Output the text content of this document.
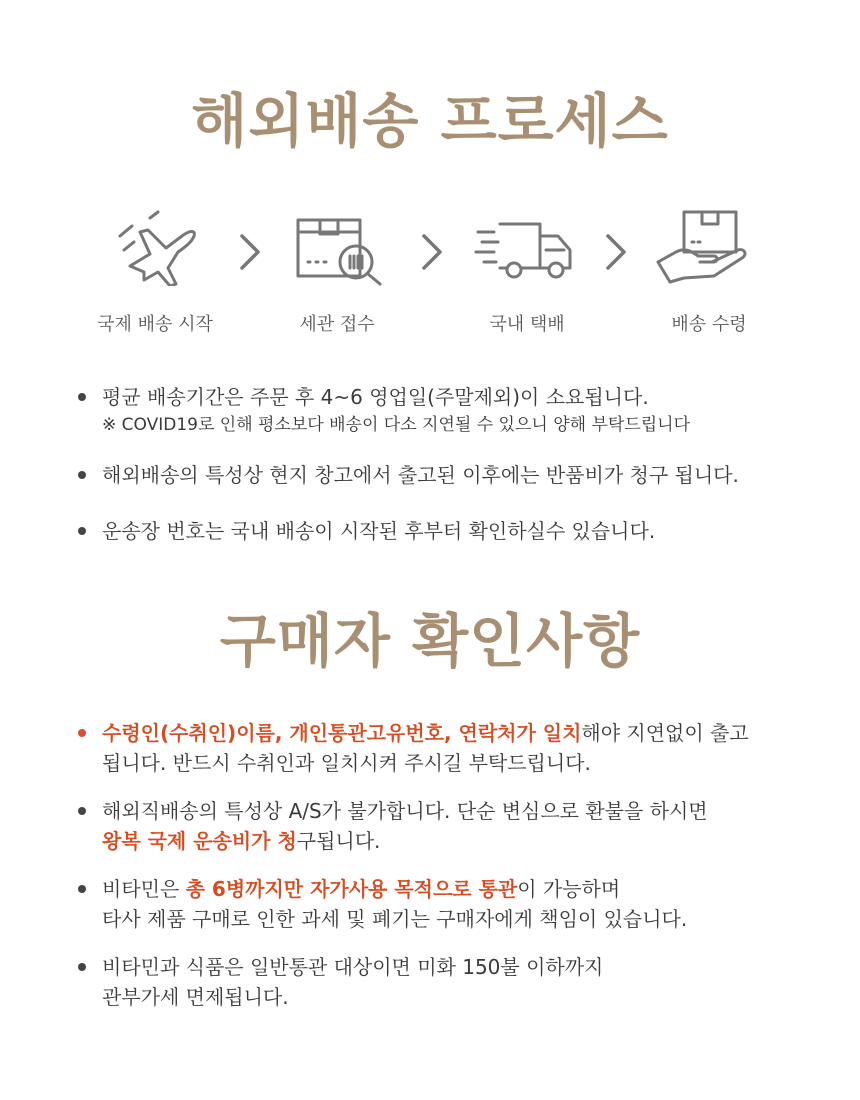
해외배송 프로세스
국제 배송 시작	세관 접수	국내 택배	배송 수령
평균 배송기간은 주문 후 4~6 영업일(주말제외)이 소요됩니다.
※ COVID19로 인해 평소보다 배송이 다소 지연될 수 있으니 양해 부탁드립니다
해외배송의 특성상 현지 창고에서 출고된 이후에는 반품비가 청구 됩니다.
운송장 번호는 국내 배송이 시작된 후부터 확인하실수 있습니다.
구매자 확인사항
수령인(수취인)이름, 개인통관고유번호, 연락처가 일치해야 지연없이 출고
됩니다. 반드시 수취인과 일치시켜 주시길 부탁드립니다.
해외직배송의 특성상 A/S가 불가합니다. 단순 변심으로 환불을 하시면
왕복 국제 운송비가 청구됩니다.
비타민은 총 6병까지만 자가사용 목적으로 통관이 가능하며
타사 제품 구매로 인한 과세 및 폐기는 구매자에게 책임이 있습니다.
비타민과 식품은 일반통관 대상이면 미화 150불 이하까지
관부가세 면제됩니다.
